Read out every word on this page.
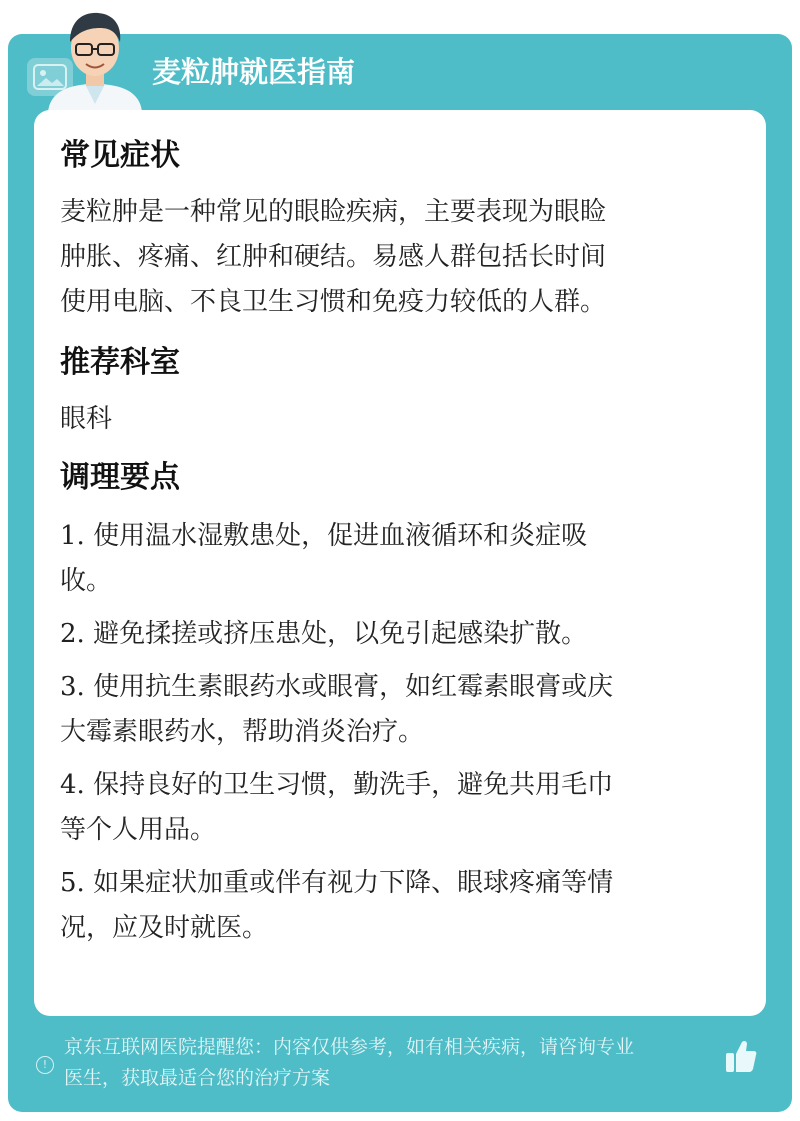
麦粒肿就医指南

常见症状

麦粒肿是一种常见的眼睑疾病，主要表现为眼睑

肿胀、疼痛、红肿和硬结。易感人群包括长时间

使用电脑、不良卫生习惯和免疫力较低的人群。

推荐科室

眼科

调理要点

1. 使用温水湿敷患处，促进血液循环和炎症吸
收。
2. 避免揉搓或挤压患处，以免引起感染扩散。
3. 使用抗生素眼药水或眼膏，如红霉素眼膏或庆
大霉素眼药水，帮助消炎治疗。
4. 保持良好的卫生习惯，勤洗手，避免共用毛巾
等个人用品。
5. 如果症状加重或伴有视力下降、眼球疼痛等情
况，应及时就医。
!
京东互联网医院提醒您：内容仅供参考，如有相关疾病，请咨询专业
医生，获取最适合您的治疗方案
